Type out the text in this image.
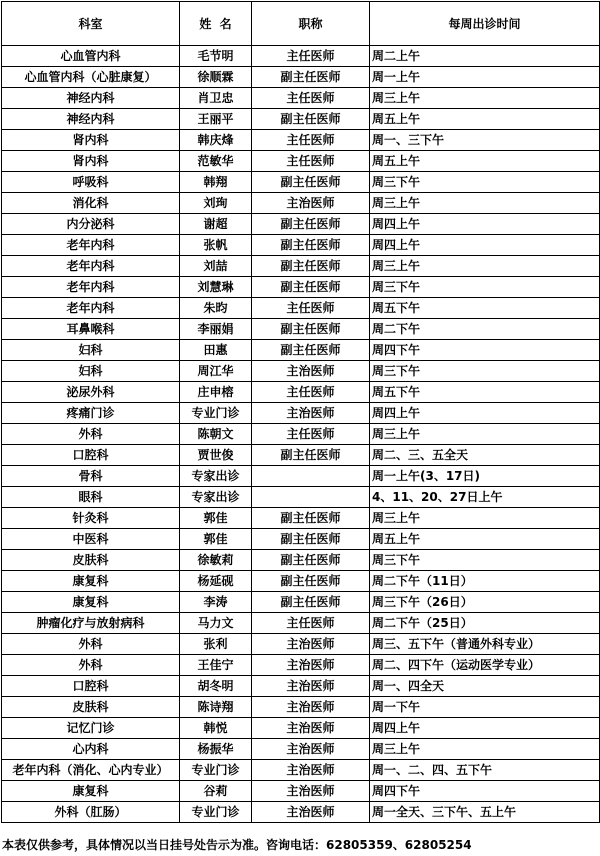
科室	姓  名	职称	每周出诊时间
心血管内科	毛节明	主任医师	周二上午
心血管内科（心脏康复）	徐顺霖	副主任医师	周一上午
神经内科	肖卫忠	主任医师	周三上午
神经内科	王丽平	副主任医师	周五上午
肾内科	韩庆烽	主任医师	周一、三下午
肾内科	范敏华	主任医师	周五上午
呼吸科	韩翔	副主任医师	周三下午
消化科	刘珣	主治医师	周三上午
内分泌科	谢超	副主任医师	周四上午
老年内科	张帆	副主任医师	周四上午
老年内科	刘喆	副主任医师	周三上午
老年内科	刘慧琳	副主任医师	周三下午
老年内科	朱昀	主任医师	周五下午
耳鼻喉科	李丽娟	副主任医师	周二下午
妇科	田惠	副主任医师	周四下午
妇科	周江华	主治医师	周三下午
泌尿外科	庄申榕	主任医师	周五下午
疼痛门诊	专业门诊	主治医师	周四上午
外科	陈朝文	主任医师	周三上午
口腔科	贾世俊	副主任医师	周二、三、五全天
骨科	专家出诊		周一上午(3、17日)
眼科	专家出诊		4、11、20、27日上午
针灸科	郭佳	副主任医师	周三上午
中医科	郭佳	副主任医师	周五上午
皮肤科	徐敏莉	副主任医师	周三下午
康复科	杨延砚	副主任医师	周二下午（11日）
康复科	李涛	副主任医师	周三下午（26日）
肿瘤化疗与放射病科	马力文	主任医师	周二下午（25日）
外科	张利	主治医师	周三、五下午（普通外科专业）
外科	王佳宁	主治医师	周二、四下午（运动医学专业）
口腔科	胡冬明	主治医师	周一、四全天
皮肤科	陈诗翔	主治医师	周一下午
记忆门诊	韩悦	主治医师	周四上午
心内科	杨振华	主治医师	周三上午
老年内科（消化、心内专业）	专业门诊	主治医师	周一、二、四、五下午
康复科	谷莉	主治医师	周四下午
外科（肛肠）	专业门诊	主治医师	周一全天、三下午、五上午
本表仅供参考，具体情况以当日挂号处告示为准。咨询电话：62805359、62805254
